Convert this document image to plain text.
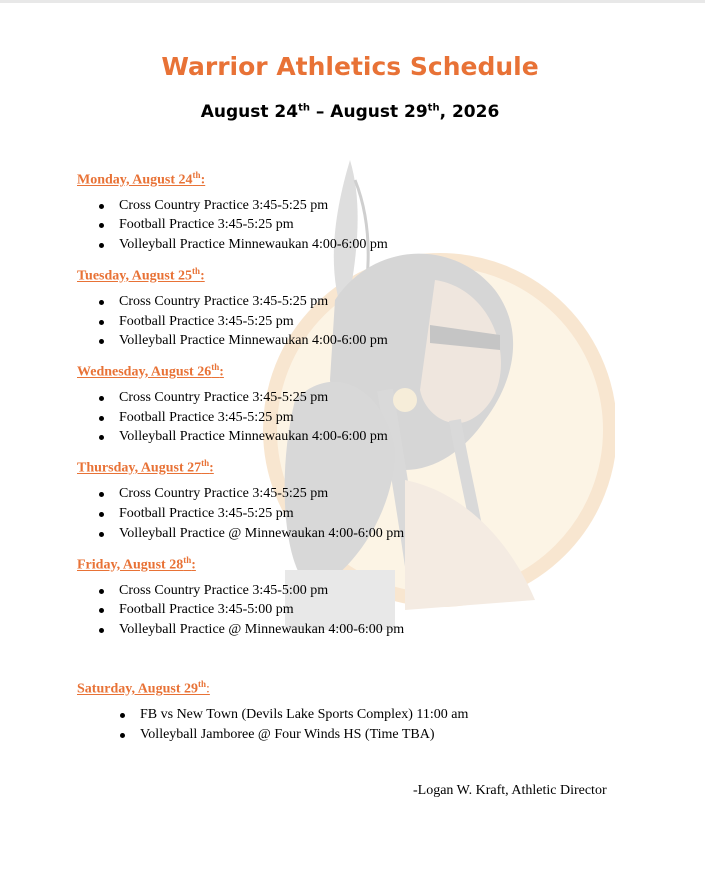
Warrior Athletics Schedule
August 24th – August 29th, 2026
Monday, August 24th:
Cross Country Practice 3:45-5:25 pm
Football Practice 3:45-5:25 pm
Volleyball Practice Minnewaukan 4:00-6:00 pm
Tuesday, August 25th:
Cross Country Practice 3:45-5:25 pm
Football Practice 3:45-5:25 pm
Volleyball Practice Minnewaukan 4:00-6:00 pm
Wednesday, August 26th:
Cross Country Practice 3:45-5:25 pm
Football Practice 3:45-5:25 pm
Volleyball Practice Minnewaukan 4:00-6:00 pm
Thursday, August 27th:
Cross Country Practice 3:45-5:25 pm
Football Practice 3:45-5:25 pm
Volleyball Practice @ Minnewaukan 4:00-6:00 pm
Friday, August 28th:
Cross Country Practice 3:45-5:00 pm
Football Practice 3:45-5:00 pm
Volleyball Practice @ Minnewaukan 4:00-6:00 pm
Saturday, August 29th:
FB vs New Town (Devils Lake Sports Complex) 11:00 am
Volleyball Jamboree @ Four Winds HS (Time TBA)
-Logan W. Kraft, Athletic Director
